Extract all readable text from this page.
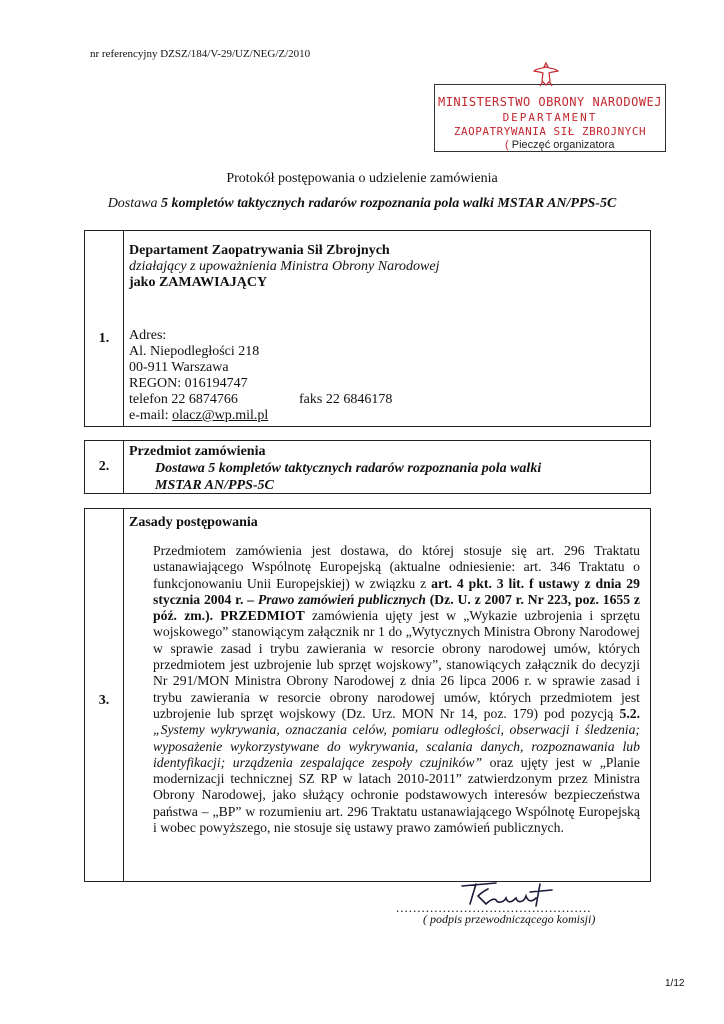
nr referencyjny DZSZ/184/V-29/UZ/NEG/Z/2010
MINISTERSTWO OBRONY NARODOWEJ
DEPARTAMENT
ZAOPATRYWANIA SIŁ ZBROJNYCH
( Pieczęć organizatora
Protokół postępowania o udzielenie zamówienia
Dostawa 5 kompletów taktycznych radarów rozpoznania pola walki MSTAR AN/PPS-5C
1.
Departament Zaopatrywania Sił Zbrojnych
działający z upoważnienia Ministra Obrony Narodowej
jako ZAMAWIAJĄCY
Adres:
Al. Niepodległości 218
00-911 Warszawa
REGON: 016194747
telefon 22 6874766	faks 22 6846178
e-mail: olacz@wp.mil.pl
2.
Przedmiot zamówienia
Dostawa 5 kompletów taktycznych radarów rozpoznania pola walki
MSTAR AN/PPS-5C
3.
Zasady postępowania
Przedmiotem zamówienia jest dostawa, do której stosuje się art. 296 Traktatu ustanawiającego Wspólnotę Europejską (aktualne odniesienie: art. 346 Traktatu o funkcjonowaniu Unii Europejskiej) w związku z art. 4 pkt. 3 lit. f ustawy z dnia 29 stycznia 2004 r. – Prawo zamówień publicznych (Dz. U. z 2007 r. Nr 223, poz. 1655 z póź. zm.). PRZEDMIOT zamówienia ujęty jest w „Wykazie uzbrojenia i sprzętu wojskowego” stanowiącym załącznik nr 1 do „Wytycznych Ministra Obrony Narodowej w sprawie zasad i trybu zawierania w resorcie obrony narodowej umów, których przedmiotem jest uzbrojenie lub sprzęt wojskowy”, stanowiących załącznik do decyzji Nr 291/MON Ministra Obrony Narodowej z dnia 26 lipca 2006 r. w sprawie zasad i trybu zawierania w resorcie obrony narodowej umów, których przedmiotem jest uzbrojenie lub sprzęt wojskowy (Dz. Urz. MON Nr 14, poz. 179) pod pozycją 5.2. „Systemy wykrywania, oznaczania celów, pomiaru odległości, obserwacji i śledzenia; wyposażenie wykorzystywane do wykrywania, scalania danych, rozpoznawania lub identyfikacji; urządzenia zespalające zespoły czujników” oraz ujęty jest w „Planie modernizacji technicznej SZ RP w latach 2010-2011” zatwierdzonym przez Ministra Obrony Narodowej, jako służący ochronie podstawowych interesów bezpieczeństwa państwa – „BP” w rozumieniu art. 296 Traktatu ustanawiającego Wspólnotę Europejską i wobec powyższego, nie stosuje się ustawy prawo zamówień publicznych.
..............................................
( podpis przewodniczącego komisji)
1/12
